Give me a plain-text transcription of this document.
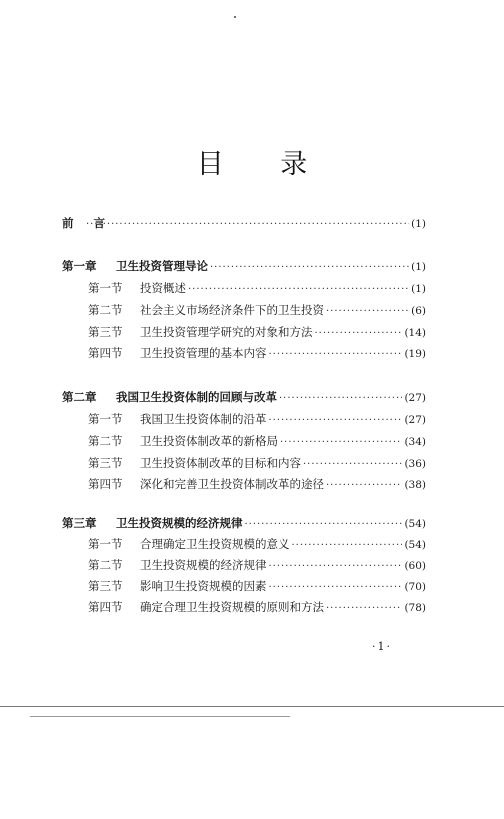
目 录
前 言 ·····	(1)
第一章	卫生投资管理导论 ·····	(1)
第一节	投资概述 ·····	(1)
第二节	社会主义市场经济条件下的卫生投资 ·····	(6)
第三节	卫生投资管理学研究的对象和方法 ·····	(14)
第四节	卫生投资管理的基本内容 ·····	(19)
第二章	我国卫生投资体制的回顾与改革 ·····	(27)
第一节	我国卫生投资体制的沿革 ·····	(27)
第二节	卫生投资体制改革的新格局 ·····	(34)
第三节	卫生投资体制改革的目标和内容 ·····	(36)
第四节	深化和完善卫生投资体制改革的途径 ·····	(38)
第三章	卫生投资规模的经济规律 ·····	(54)
第一节	合理确定卫生投资规模的意义 ·····	(54)
第二节	卫生投资规模的经济规律 ·····	(60)
第三节	影响卫生投资规模的因素 ·····	(70)
第四节	确定合理卫生投资规模的原则和方法 ·····	(78)
·1·
